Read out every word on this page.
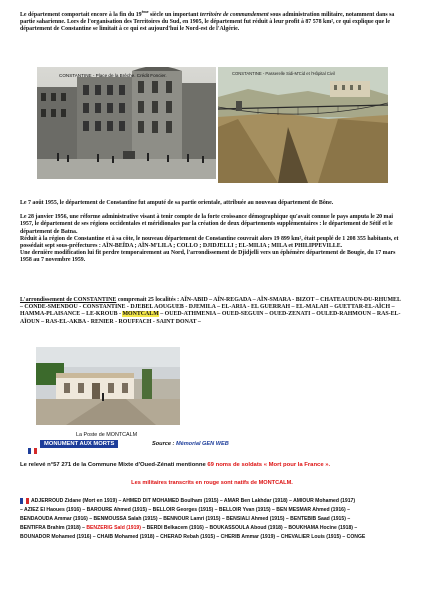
Le département comportait encore à la fin du 19ème siècle un important territoire de commandement sous administration militaire, notamment dans sa partie saharienne. Lors de l'organisation des Territoires du Sud, en 1905, le département fut réduit à leur profit à 87 578 km², ce qui explique que le département de Constantine se limitait à ce qui est aujourd'hui le Nord-est de l'Algérie.

CONSTANTINE - Place de la Brèche. Crédit Foncier.	CONSTANTINE - Passerelle Sidi-M'Cid et l'Hôpital Civil

Le 7 août 1955, le département de Constantine fut amputé de sa partie orientale, attribuée au nouveau département de Bône.

Le 28 janvier 1956, une réforme administrative visant à tenir compte de la forte croissance démographique qu'avait connue le pays amputa le 20 mai 1957, le département de ses régions occidentales et méridionales par la création de deux départements supplémentaires : le département de Sétif et le département de Batna.

Réduit à la région de Constantine et à sa côte, le nouveau département de Constantine couvrait alors 19 899 km², était peuplé de 1 208 355 habitants, et possédait sept sous-préfectures : AÏN-BEÏDA ; AÏN-M'LILA ; COLLO ; DJIDJELLI ; EL-MILIA ; MILA et PHILIPPEVILLE.

Une dernière modification lui fit perdre temporairement au Nord, l'arrondissement de Djidjelli vers un éphémère département de Bougie, du 17 mars 1958 au 7 novembre 1959.

L'arrondissement de CONSTANTINE comprenait 25 localités : AÏN-ABID – AÏN-REGADA – AÏN-SMARA - BIZOT – CHATEAUDUN-DU-RHUMEL – CONDE-SMENDOU - CONSTANTINE - DJEBEL AOUGUEB - DJEMILA – EL-ARIA - EL GUERRAH – EL-MALAH – GUETTAR-EL-AÏCH – HAMMA-PLAISANCE – LE-KROUB - MONTCALM – OUED-ATHMENIA – OUED-SEGUIN – OUED-ZENATI – OULED-RAHMOUN – RAS-EL-AÏOUN – RAS-EL-AKBA - RENIER - ROUFFACH - SAINT DONAT –

La Poste de MONTCALM
MONUMENT AUX MORTS	Source : Mémorial GEN WEB
Le relevé n°57 271 de la Commune Mixte d'Oued-Zénati mentionne 69 noms de soldats « Mort pour la France ».
Les militaires transcrits en rouge sont natifs de MONTCALM.
ADJERROUD Zidane (Mort en 1919) – AHMED DIT MOHAMED Boulham (1915) – AMAR Ben Lakhdar (1918) – AMIOUR Mohamed (1917)
– AZIEZ El Haoues (1916) – BAROURE Ahmed (1915) – BELLOIR Georges (1915) – BELLOIR Yvan (1915) – BEN MESMAR Ahmed (1916) –
BENDAOUDA Ammar (1916) – BENMOUSSA Salah (1915) – BENNOUR Lamri (1915) – BENSIALI Ahmed (1915) – BENTEBIB Saad (1915) –
BENTIFRA Brahim (1918) – BENZERIG Saïd (1919) – BERDI Belkacem (1916) – BOUKASSOULA Aboud (1918) – BOUKHAMA Hocine (1918) –
BOUNADOR Mohamed (1916) – CHAIB Mohamed (1918) – CHERAD Rebah (1915) – CHERIB Ammar (1919) – CHEVALIER Louis (1915) – CONGE
